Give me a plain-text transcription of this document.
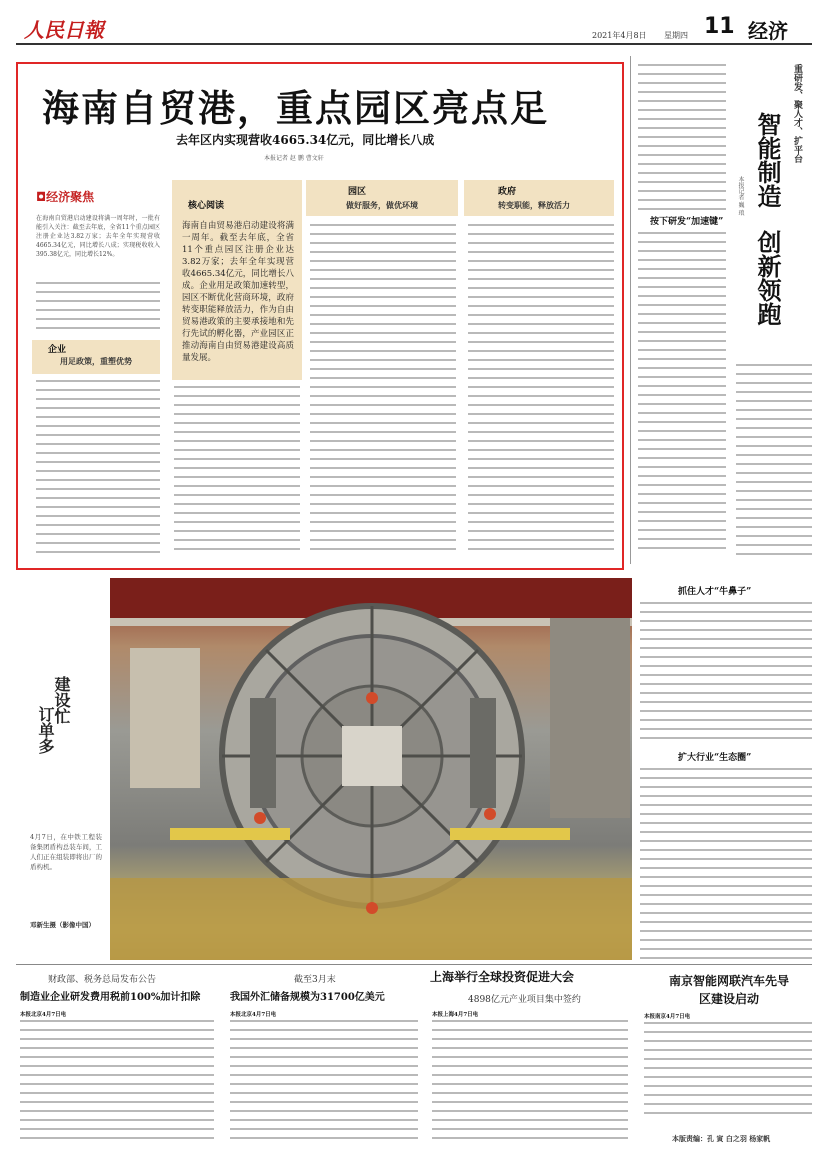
人民日報	2021年4月8日 星期四 11 经济
海南自贸港，重点园区亮点足
去年区内实现营收4665.34亿元，同比增长八成
本报记者 赵 鹏 曹文轩
◘经济聚焦
在海南自贸港启动建设将满一周年时，一批有能引入关注：截至去年底，全省11个重点园区注册企业达3.82万家；去年全年实现营收4665.34亿元，同比增长八成；实现税收收入395.38亿元，同比增长12%。
企业
用足政策，重塑优势
核心阅读
海南自由贸易港启动建设将满一周年。截至去年底，全省11个重点园区注册企业达3.82万家；去年全年实现营收4665.34亿元，同比增长八成。企业用足政策加速转型，园区不断优化营商环境，政府转变职能释放活力，作为自由贸易港政策的主要承接地和先行先试的孵化器，产业园区正推动海南自由贸易港建设高质量发展。
园区
做好服务，做优环境
政府
转变职能，释放活力
重研发、聚人才、扩平台
智能制造
创新领跑
本报记者 巍 琅
按下研发“加速键”
抓住人才“牛鼻子”
扩大行业“生态圈”
建设忙
订单多
4月7日，在中铁工程装备集团盾构总装车间，工人们正在组装即将出厂的盾构机。
邓新生摄（影像中国）
财政部、税务总局发布公告
制造业企业研发费用税前100%加计扣除
本报北京4月7日电
截至3月末
我国外汇储备规模为31700亿美元
本报北京4月7日电
上海举行全球投资促进大会
4898亿元产业项目集中签约
本报上海4月7日电
南京智能网联汽车先导区建设启动
本报南京4月7日电
本版责编：孔 寅 白之羽 杨家帆
